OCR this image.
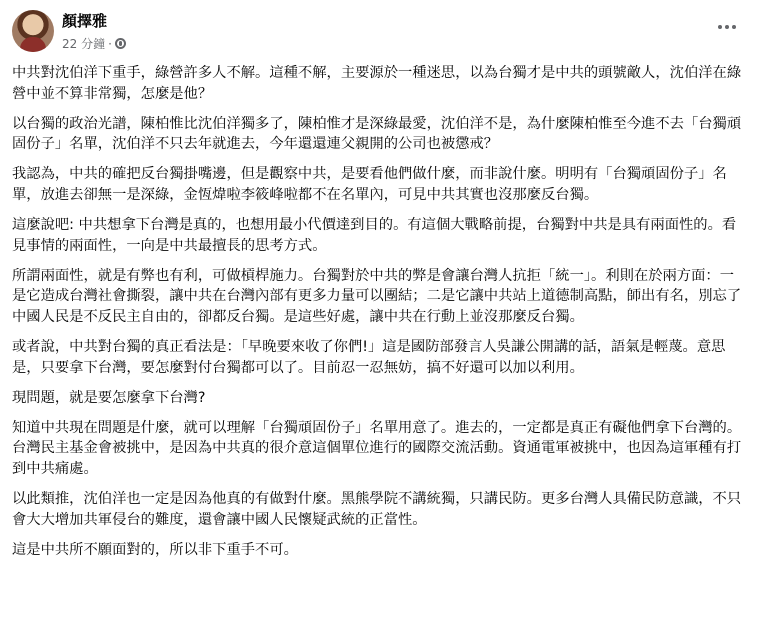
顏擇雅
22 分鐘 ·

中共對沈伯洋下重手，綠營許多人不解。這種不解，主要源於一種迷思，以為台獨才是中共的頭號敵人，沈伯洋在綠營中並不算非常獨，怎麼是他？

以台獨的政治光譜，陳柏惟比沈伯洋獨多了，陳柏惟才是深綠最愛，沈伯洋不是，為什麼陳柏惟至今進不去「台獨頑固份子」名單，沈伯洋不只去年就進去，今年還還連父親開的公司也被懲戒？

我認為，中共的確把反台獨掛嘴邊，但是觀察中共，是要看他們做什麼，而非說什麼。明明有「台獨頑固份子」名單，放進去卻無一是深綠，金恆煒啦李筱峰啦都不在名單內，可見中共其實也沒那麼反台獨。

這麼說吧: 中共想拿下台灣是真的，也想用最小代價達到目的。有這個大戰略前提，台獨對中共是具有兩面性的。看見事情的兩面性，一向是中共最擅長的思考方式。

所謂兩面性，就是有弊也有利，可做槓桿施力。台獨對於中共的弊是會讓台灣人抗拒「統一」。利則在於兩方面：一是它造成台灣社會撕裂，讓中共在台灣內部有更多力量可以團結；二是它讓中共站上道德制高點，師出有名，別忘了中國人民是不反民主自由的，卻都反台獨。是這些好處，讓中共在行動上並沒那麼反台獨。

或者說，中共對台獨的真正看法是：「早晚要來收了你們!」這是國防部發言人吳謙公開講的話，語氣是輕蔑。意思是，只要拿下台灣，要怎麼對付台獨都可以了。目前忍一忍無妨，搞不好還可以加以利用。

現問題，就是要怎麼拿下台灣?

知道中共現在問題是什麼，就可以理解「台獨頑固份子」名單用意了。進去的，一定都是真正有礙他們拿下台灣的。台灣民主基金會被挑中，是因為中共真的很介意這個單位進行的國際交流活動。資通電軍被挑中，也因為這軍種有打到中共痛處。

以此類推，沈伯洋也一定是因為他真的有做對什麼。黑熊學院不講統獨，只講民防。更多台灣人具備民防意識，不只會大大增加共軍侵台的難度，還會讓中國人民懷疑武統的正當性。

這是中共所不願面對的，所以非下重手不可。
